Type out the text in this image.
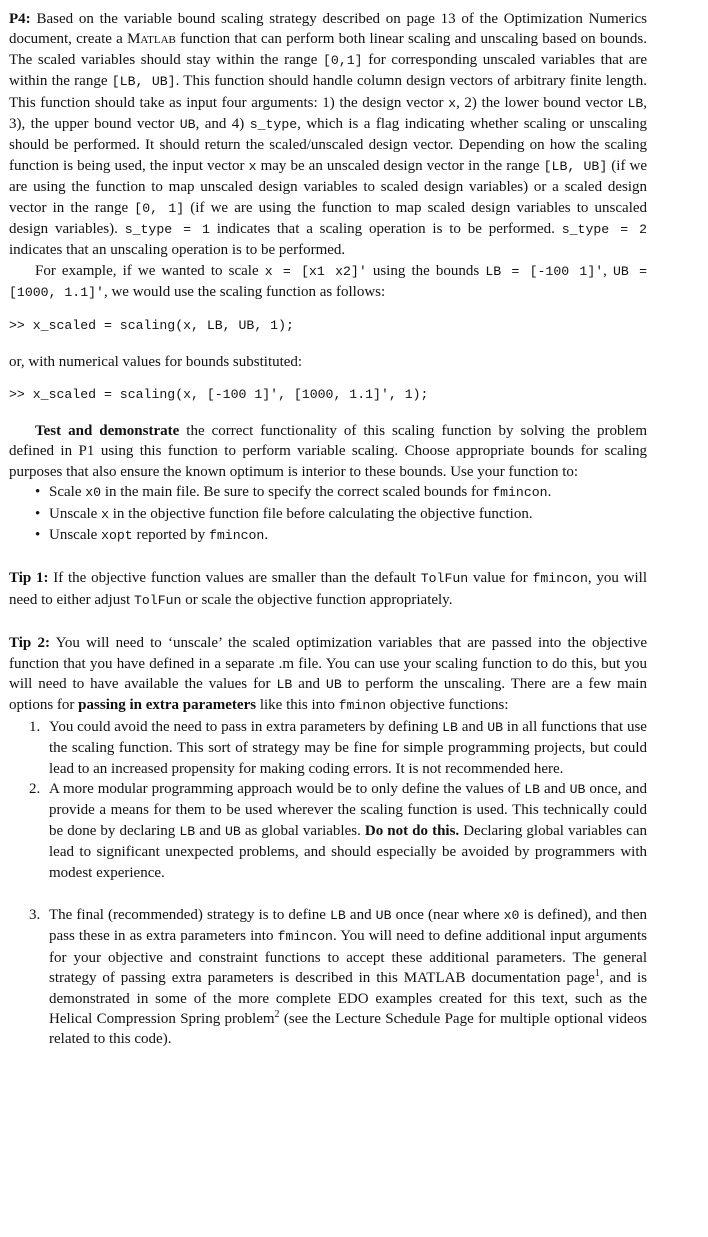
P4: Based on the variable bound scaling strategy described on page 13 of the Optimization Numerics document, create a Matlab function that can perform both linear scaling and unscaling based on bounds. The scaled variables should stay within the range [0,1] for corresponding unscaled variables that are within the range [LB, UB]. This function should handle column design vectors of arbitrary finite length. This function should take as input four arguments: 1) the design vector x, 2) the lower bound vector LB, 3), the upper bound vector UB, and 4) s_type, which is a flag indicating whether scaling or unscaling should be performed. It should return the scaled/unscaled design vector. Depending on how the scaling function is being used, the input vector x may be an unscaled design vector in the range [LB, UB] (if we are using the function to map unscaled design variables to scaled design variables) or a scaled design vector in the range [0, 1] (if we are using the function to map scaled design variables to unscaled design variables). s_type = 1 indicates that a scaling operation is to be performed. s_type = 2 indicates that an unscaling operation is to be performed.

For example, if we wanted to scale x = [x1 x2]' using the bounds LB = [-100 1]', UB = [1000, 1.1]', we would use the scaling function as follows:

>> x_scaled = scaling(x, LB, UB, 1);

or, with numerical values for bounds substituted:

>> x_scaled = scaling(x, [-100 1]', [1000, 1.1]', 1);

Test and demonstrate the correct functionality of this scaling function by solving the problem defined in P1 using this function to perform variable scaling. Choose appropriate bounds for scaling purposes that also ensure the known optimum is interior to these bounds. Use your function to:

• Scale x0 in the main file. Be sure to specify the correct scaled bounds for fmincon.
• Unscale x in the objective function file before calculating the objective function.
• Unscale xopt reported by fmincon.

Tip 1: If the objective function values are smaller than the default TolFun value for fmincon, you will need to either adjust TolFun or scale the objective function appropriately.

Tip 2: You will need to ‘unscale’ the scaled optimization variables that are passed into the objective function that you have defined in a separate .m file. You can use your scaling function to do this, but you will need to have available the values for LB and UB to perform the unscaling. There are a few main options for passing in extra parameters like this into fminon objective functions:

1. You could avoid the need to pass in extra parameters by defining LB and UB in all functions that use the scaling function. This sort of strategy may be fine for simple programming projects, but could lead to an increased propensity for making coding errors. It is not recommended here.
2. A more modular programming approach would be to only define the values of LB and UB once, and provide a means for them to be used wherever the scaling function is used. This technically could be done by declaring LB and UB as global variables. Do not do this. Declaring global variables can lead to significant unexpected problems, and should especially be avoided by programmers with modest experience.
3. The final (recommended) strategy is to define LB and UB once (near where x0 is defined), and then pass these in as extra parameters into fmincon. You will need to define additional input arguments for your objective and constraint functions to accept these additional parameters. The general strategy of passing extra parameters is described in this MATLAB documentation page$^1$, and is demonstrated in some of the more complete EDO examples created for this text, such as the Helical Compression Spring problem$^2$ (see the Lecture Schedule Page for multiple optional videos related to this code).
